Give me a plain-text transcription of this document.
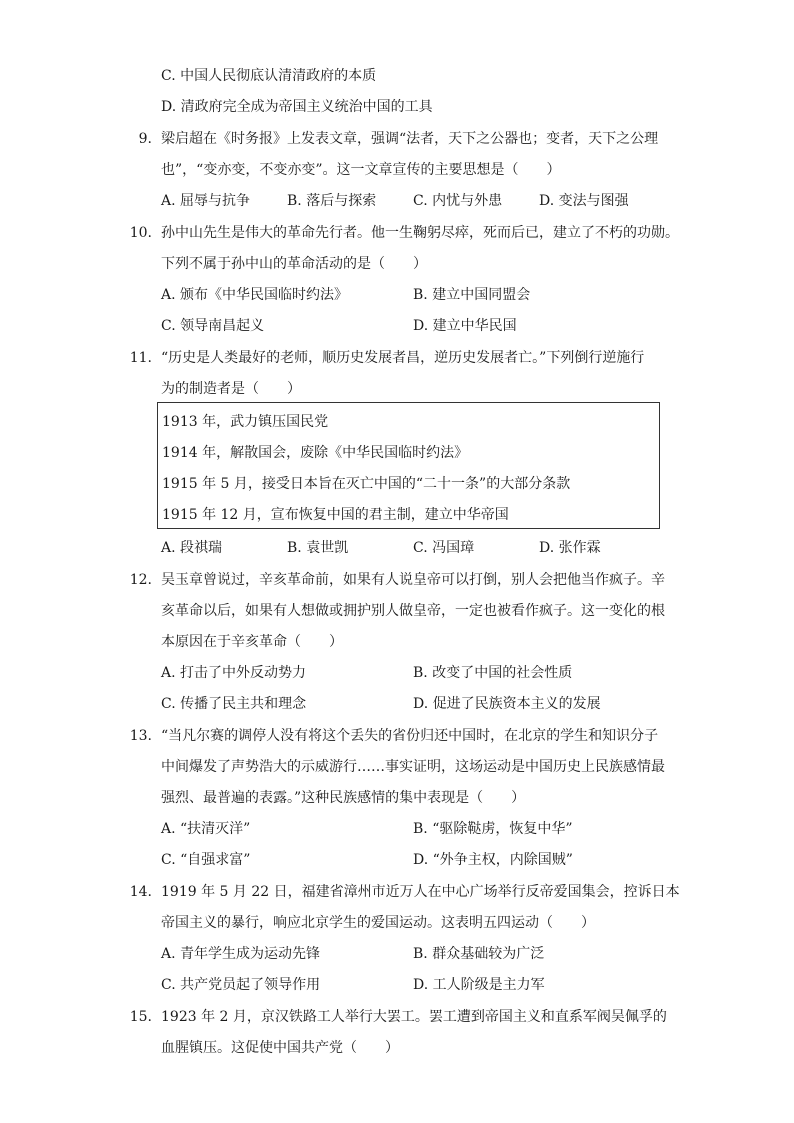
C. 中国人民彻底认清清政府的本质
D. 清政府完全成为帝国主义统治中国的工具
9. 梁启超在《时务报》上发表文章，强调“法者，天下之公器也；变者，天下之公理
也”，“变亦变，不变亦变”。这一文章宣传的主要思想是（　　）
A. 屈辱与抗争	B. 落后与探索	C. 内忧与外患	D. 变法与图强
10. 孙中山先生是伟大的革命先行者。他一生鞠躬尽瘁，死而后已，建立了不朽的功勋。
下列不属于孙中山的革命活动的是（　　）
A. 颁布《中华民国临时约法》	B. 建立中国同盟会
C. 领导南昌起义	D. 建立中华民国
11. “历史是人类最好的老师，顺历史发展者昌，逆历史发展者亡。”下列倒行逆施行
为的制造者是（　　）
1913 年，武力镇压国民党
1914 年，解散国会，废除《中华民国临时约法》
1915 年 5 月，接受日本旨在灭亡中国的“二十一条”的大部分条款
1915 年 12 月，宣布恢复中国的君主制，建立中华帝国
A. 段祺瑞	B. 袁世凯	C. 冯国璋	D. 张作霖
12. 吴玉章曾说过，辛亥革命前，如果有人说皇帝可以打倒，别人会把他当作疯子。辛
亥革命以后，如果有人想做或拥护别人做皇帝，一定也被看作疯子。这一变化的根
本原因在于辛亥革命（　　）
A. 打击了中外反动势力	B. 改变了中国的社会性质
C. 传播了民主共和理念	D. 促进了民族资本主义的发展
13. “当凡尔赛的调停人没有将这个丢失的省份归还中国时，在北京的学生和知识分子
中间爆发了声势浩大的示威游行……事实证明，这场运动是中国历史上民族感情最
强烈、最普遍的表露。”这种民族感情的集中表现是（　　）
A. “扶清灭洋”	B. “驱除鞑虏，恢复中华”
C. “自强求富”	D. “外争主权，内除国贼”
14. 1919 年 5 月 22 日，福建省漳州市近万人在中心广场举行反帝爱国集会，控诉日本
帝国主义的暴行，响应北京学生的爱国运动。这表明五四运动（　　）
A. 青年学生成为运动先锋	B. 群众基础较为广泛
C. 共产党员起了领导作用	D. 工人阶级是主力军
15. 1923 年 2 月，京汉铁路工人举行大罢工。罢工遭到帝国主义和直系军阀吴佩孚的
血腥镇压。这促使中国共产党（　　）
